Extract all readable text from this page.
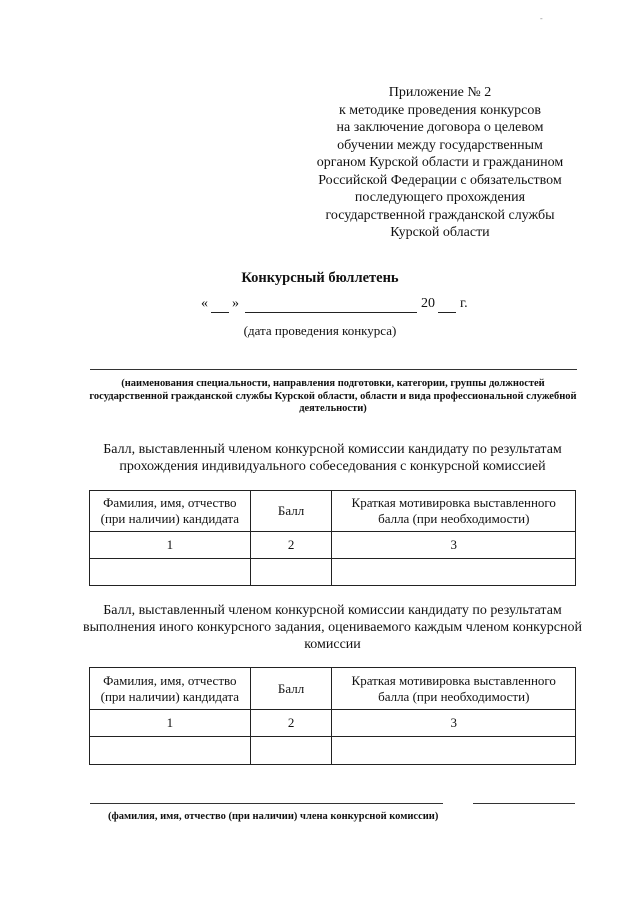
-
Приложение № 2
к методике проведения конкурсов
на заключение договора о целевом
обучении между государственным
органом Курской области и гражданином
Российской Федерации с обязательством
последующего прохождения
государственной гражданской службы
Курской области
Конкурсный бюллетень
« »	20 г.
(дата проведения конкурса)
(наименования специальности, направления подготовки, категории, группы должностей государственной гражданской службы Курской области, области и вида профессиональной служебной деятельности)
Балл, выставленный членом конкурсной комиссии кандидату по результатам прохождения индивидуального собеседования с конкурсной комиссией
Фамилия, имя, отчество (при наличии) кандидата	Балл	Краткая мотивировка выставленного балла (при необходимости)
1	2	3

Балл, выставленный членом конкурсной комиссии кандидату по результатам выполнения иного конкурсного задания, оцениваемого каждым членом конкурсной комиссии
Фамилия, имя, отчество (при наличии) кандидата	Балл	Краткая мотивировка выставленного балла (при необходимости)
1	2	3

(фамилия, имя, отчество (при наличии) члена конкурсной комиссии)
